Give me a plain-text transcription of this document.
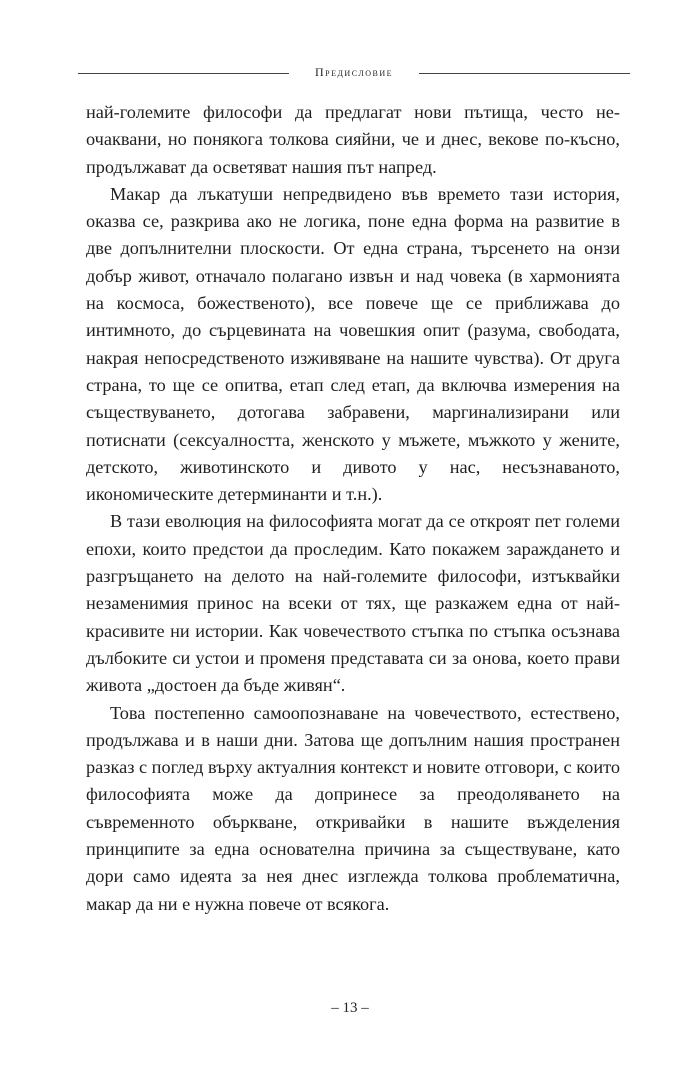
Предисловие

най-големите философи да предлагат нови пътища, често неочаквани, но понякога толкова сияйни, че и днес, векове по-късно, продължават да осветяват нашия път напред.

Макар да лъкатуши непредвидено във времето тази история, оказва се, разкрива ако не логика, поне една форма на развитие в две допълнителни плоскости. От една страна, търсенето на онзи добър живот, отначало полагано извън и над човека (в хармонията на космоса, божественото), все повече ще се приближава до интимното, до сърцевината на човешкия опит (разума, свободата, накрая непосредственото изживяване на нашите чувства). От друга страна, то ще се опитва, етап след етап, да включва измерения на съществуването, дотогава забравени, маргинализирани или потиснати (сексуалността, женското у мъжете, мъжкото у жените, детското, животинското и дивото у нас, несъзнаваното, икономическите детерминанти и т.н.).

В тази еволюция на философията могат да се откроят пет големи епохи, които предстои да проследим. Като покажем зараждането и разгръщането на делото на най-големите философи, изтъквайки незаменимия принос на всеки от тях, ще разкажем една от най-красивите ни истории. Как човечеството стъпка по стъпка осъзнава дълбоките си устои и променя представата си за онова, което прави живота „достоен да бъде живян“.

Това постепенно самоопознаване на човечеството, естествено, продължава и в наши дни. Затова ще допълним нашия пространен разказ с поглед върху актуалния контекст и новите отговори, с които философията може да допринесе за преодоляването на съвременното объркване, откривайки в нашите въжделения принципите за една основателна причина за съществуване, като дори само идеята за нея днес изглежда толкова проблематична, макар да ни е нужна повече от всякога.

– 13 –
